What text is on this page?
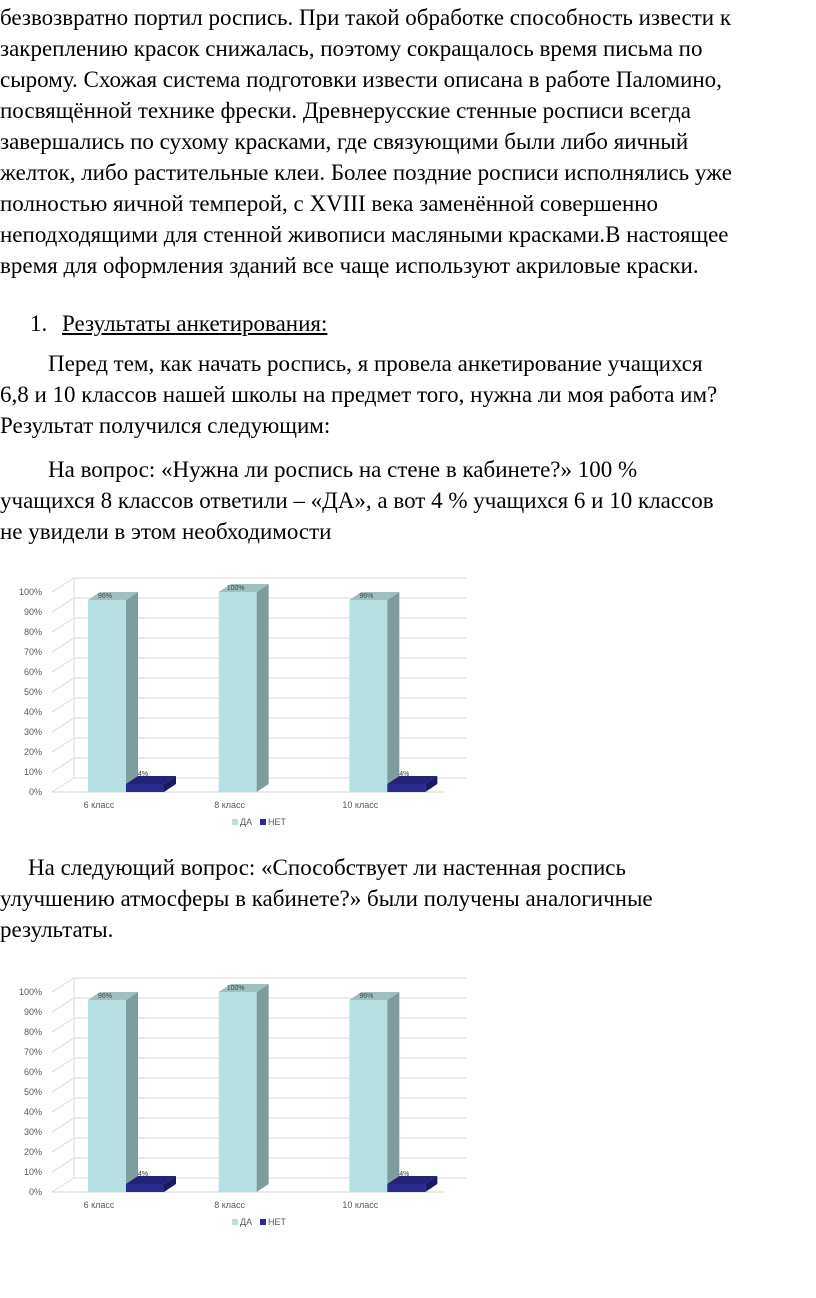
безвозвратно портил роспись. При такой обработке способность извести к
закреплению красок снижалась, поэтому сокращалось время письма по
сырому. Схожая система подготовки извести описана в работе Паломино,
посвящённой технике фрески. Древнерусские стенные росписи всегда
завершались по сухому красками, где связующими были либо яичный
желток, либо растительные клеи. Более поздние росписи исполнялись уже
полностью яичной темперой, с XVIII века заменённой совершенно
неподходящими для стенной живописи масляными красками.В настоящее
время для оформления зданий все чаще используют акриловые краски.
1. Результаты анкетирования:
Перед тем, как начать роспись, я провела анкетирование учащихся
6,8 и 10 классов нашей школы на предмет того, нужна ли моя работа им?
Результат получился следующим:
На вопрос: «Нужна ли роспись на стене в кабинете?» 100 %
учащихся 8 классов ответили – «ДА», а вот 4 % учащихся 6 и 10 классов
не увидели в этом необходимости
0%
10%
20%
30%
40%
50%
60%
70%
80%
90%
100%	96%
4%
6 класс
100%
8 класс
96%
4%
10 класс
ДА НЕТ
На следующий вопрос: «Способствует ли настенная роспись
улучшению атмосферы в кабинете?» были получены аналогичные
результаты.
0%
10%
20%
30%
40%
50%
60%
70%
80%
90%
100%	96%
4%
6 класс
100%
8 класс
96%
4%
10 класс
ДА НЕТ
